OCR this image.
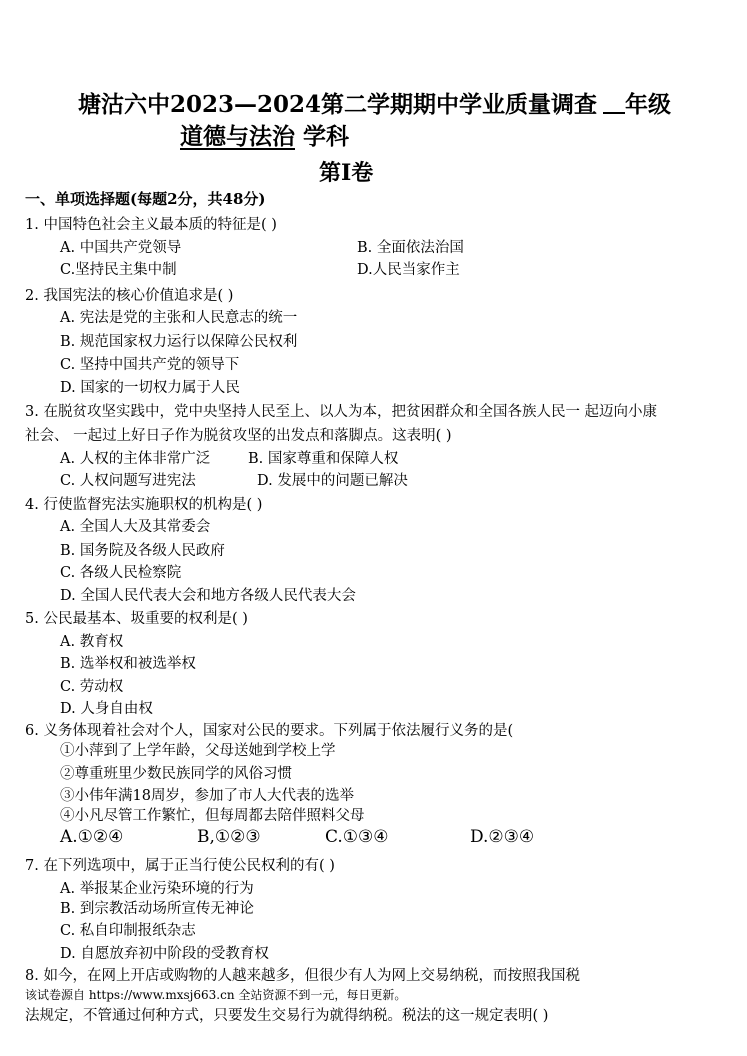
塘沽六中2023—2024第二学期期中学业质量调查 年级
道德与法治 学科
第I卷
一、单项选择题(每题2分，共48分)
1. 中国特色社会主义最本质的特征是( )
A. 中国共产党领导	B. 全面依法治国
C.坚持民主集中制	D.人民当家作主
2. 我国宪法的核心价值追求是( )
A. 宪法是党的主张和人民意志的统一
B. 规范国家权力运行以保障公民权利
C. 坚持中国共产党的领导下
D. 国家的一切权力属于人民
3. 在脱贫攻坚实践中，党中央坚持人民至上、以人为本，把贫困群众和全国各族人民一 起迈向小康
社会、 一起过上好日子作为脱贫攻坚的出发点和落脚点。这表明( )
A. 人权的主体非常广泛	B. 国家尊重和保障人权
C. 人权问题写进宪法	D. 发展中的问题已解决
4. 行使监督宪法实施职权的机构是( )
A. 全国人大及其常委会
B. 国务院及各级人民政府
C. 各级人民检察院
D. 全国人民代表大会和地方各级人民代表大会
5. 公民最基本、圾重要的权利是( )
A. 教育权
B. 选举权和被选举权
C. 劳动权
D. 人身自由权
6. 义务体现着社会对个人，国家对公民的要求。下列属于依法履行义务的是(
①小萍到了上学年龄，父母送她到学校上学
②尊重班里少数民族同学的风俗习惯
③小伟年满18周岁，参加了市人大代表的选举
④小凡尽管工作繁忙，但每周都去陪伴照料父母
A.①②④	B,①②③	C.①③④	D.②③④
7. 在下列选项中，属于正当行使公民权利的有( )
A. 举报某企业污染环境的行为
B. 到宗教活动场所宣传无神论
C. 私自印制报纸杂志
D. 自愿放弃初中阶段的受教育权
8. 如今，在网上开店或购物的人越来越多，但很少有人为网上交易纳税，而按照我国税
该试卷源自 https://www.mxsj663.cn 全站资源不到一元，每日更新。
法规定，不管通过何种方式，只要发生交易行为就得纳税。税法的这一规定表明( )
